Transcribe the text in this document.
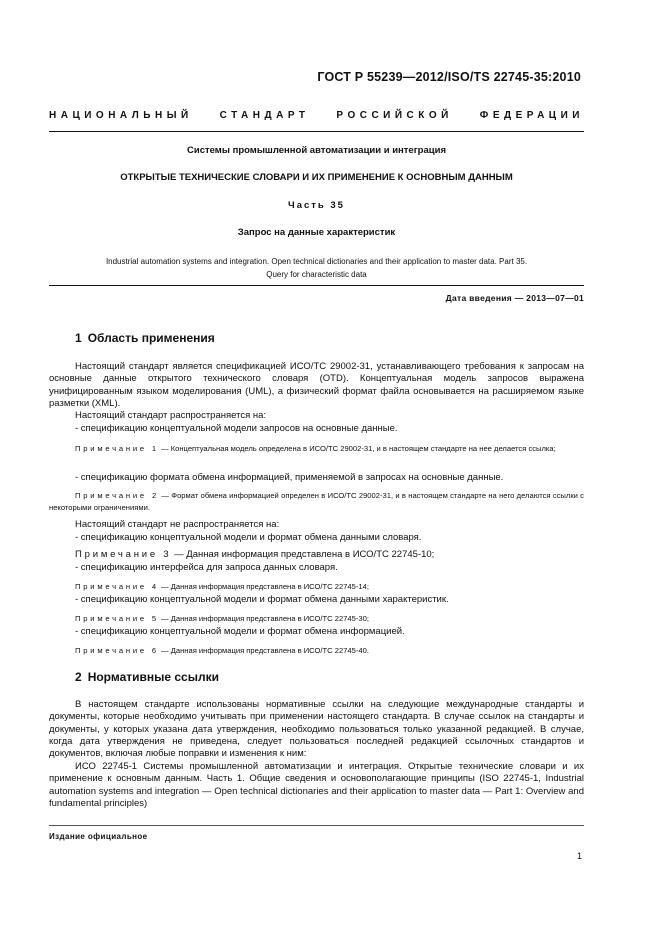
ГОСТ Р 55239—2012/ISO/TS 22745-35:2010
НАЦИОНАЛЬНЫЙ	СТАНДАРТ	РОССИЙСКОЙ	ФЕДЕРАЦИИ
Системы промышленной автоматизации и интеграция
ОТКРЫТЫЕ ТЕХНИЧЕСКИЕ СЛОВАРИ И ИХ ПРИМЕНЕНИЕ К ОСНОВНЫМ ДАННЫМ
Часть 35
Запрос на данные характеристик
Industrial automation systems and integration. Open technical dictionaries and their application to master data. Part 35.
Query for characteristic data
Дата введения — 2013—07—01
1 Область применения
Настоящий стандарт является спецификацией ИСО/ТС 29002-31, устанавливающего требования к запросам на основные данные открытого технического словаря (OTD). Концептуальная модель запросов выражена унифицированным языком моделирования (UML), а физический формат файла основывается на расширяемом языке разметки (XML).
Настоящий стандарт распространяется на:
- спецификацию концептуальной модели запросов на основные данные.
Примечание 1 — Концептуальная модель определена в ИСО/ТС 29002-31, и в настоящем стандарте на нее делается ссылка;
- спецификацию формата обмена информацией, применяемой в запросах на основные данные.
Примечание 2 — Формат обмена информацией определен в ИСО/ТС 29002-31, и в настоящем стандарте на него делаются ссылки с некоторыми ограничениями.
Настоящий стандарт не распространяется на:
- спецификацию концептуальной модели и формат обмена данными словаря.
Примечание 3 — Данная информация представлена в ИСО/ТС 22745-10;
- спецификацию интерфейса для запроса данных словаря.
Примечание 4 — Данная информация представлена в ИСО/ТС 22745-14;
- спецификацию концептуальной модели и формат обмена данными характеристик.
Примечание 5 — Данная информация представлена в ИСО/ТС 22745-30;
- спецификацию концептуальной модели и формат обмена информацией.
Примечание 6 — Данная информация представлена в ИСО/ТС 22745-40.
2 Нормативные ссылки
В настоящем стандарте использованы нормативные ссылки на следующие международные стандарты и документы, которые необходимо учитывать при применении настоящего стандарта. В случае ссылок на стандарты и документы, у которых указана дата утверждения, необходимо пользоваться только указанной редакцией. В случае, когда дата утверждения не приведена, следует пользоваться последней редакцией ссылочных стандартов и документов, включая любые поправки и изменения к ним:
ИСО 22745-1 Системы промышленной автоматизации и интеграция. Открытые технические словари и их применение к основным данным. Часть 1. Общие сведения и основополагающие принципы (ISO 22745-1, Industrial automation systems and integration — Open technical dictionaries and their application to master data — Part 1: Overview and fundamental principles)
Издание официальное
1
